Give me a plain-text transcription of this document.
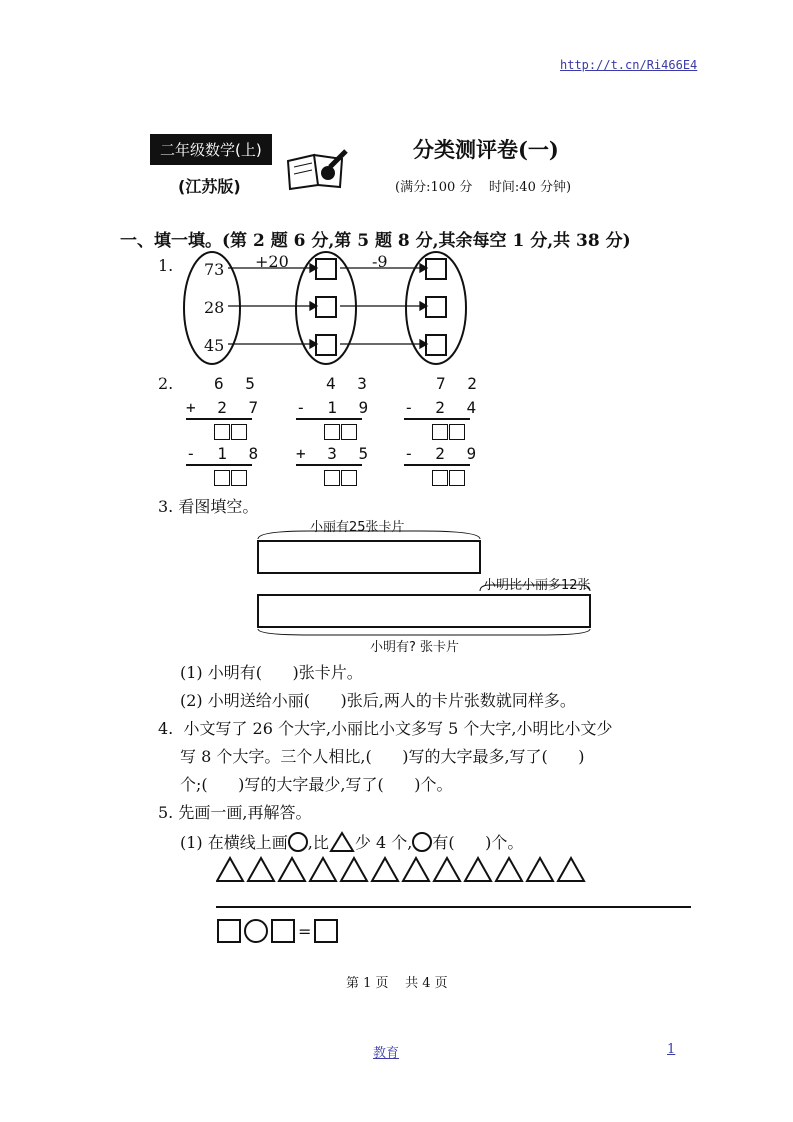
http://t.cn/Ri466E4
二年级数学(上)
(江苏版)
分类测评卷(一)
(满分:100 分    时间:40 分钟)
一、填一填。(第 2 题 6 分,第 5 题 8 分,其余每空 1 分,共 38 分)
1. 73
28
45
+20	-9
2.	6 5
+ 2 7
- 1 8
4 3
- 1 9
+ 3 5
7 2
- 2 4
- 2 9
3. 看图填空。
小丽有25张卡片
小明比小丽多12张
小明有? 张卡片
(1) 小明有(      )张卡片。
(2) 小明送给小丽(      )张后,两人的卡片张数就同样多。
4.  小文写了 26 个大字,小丽比小文多写 5 个大字,小明比小文少
写 8 个大字。三个人相比,(      )写的大字最多,写了(      )
个;(      )写的大字最少,写了(      )个。
5. 先画一画,再解答。
(1) 在横线上画 ,比 少 4 个, 有(      )个。
=
第 1 页    共 4 页
教育	1
